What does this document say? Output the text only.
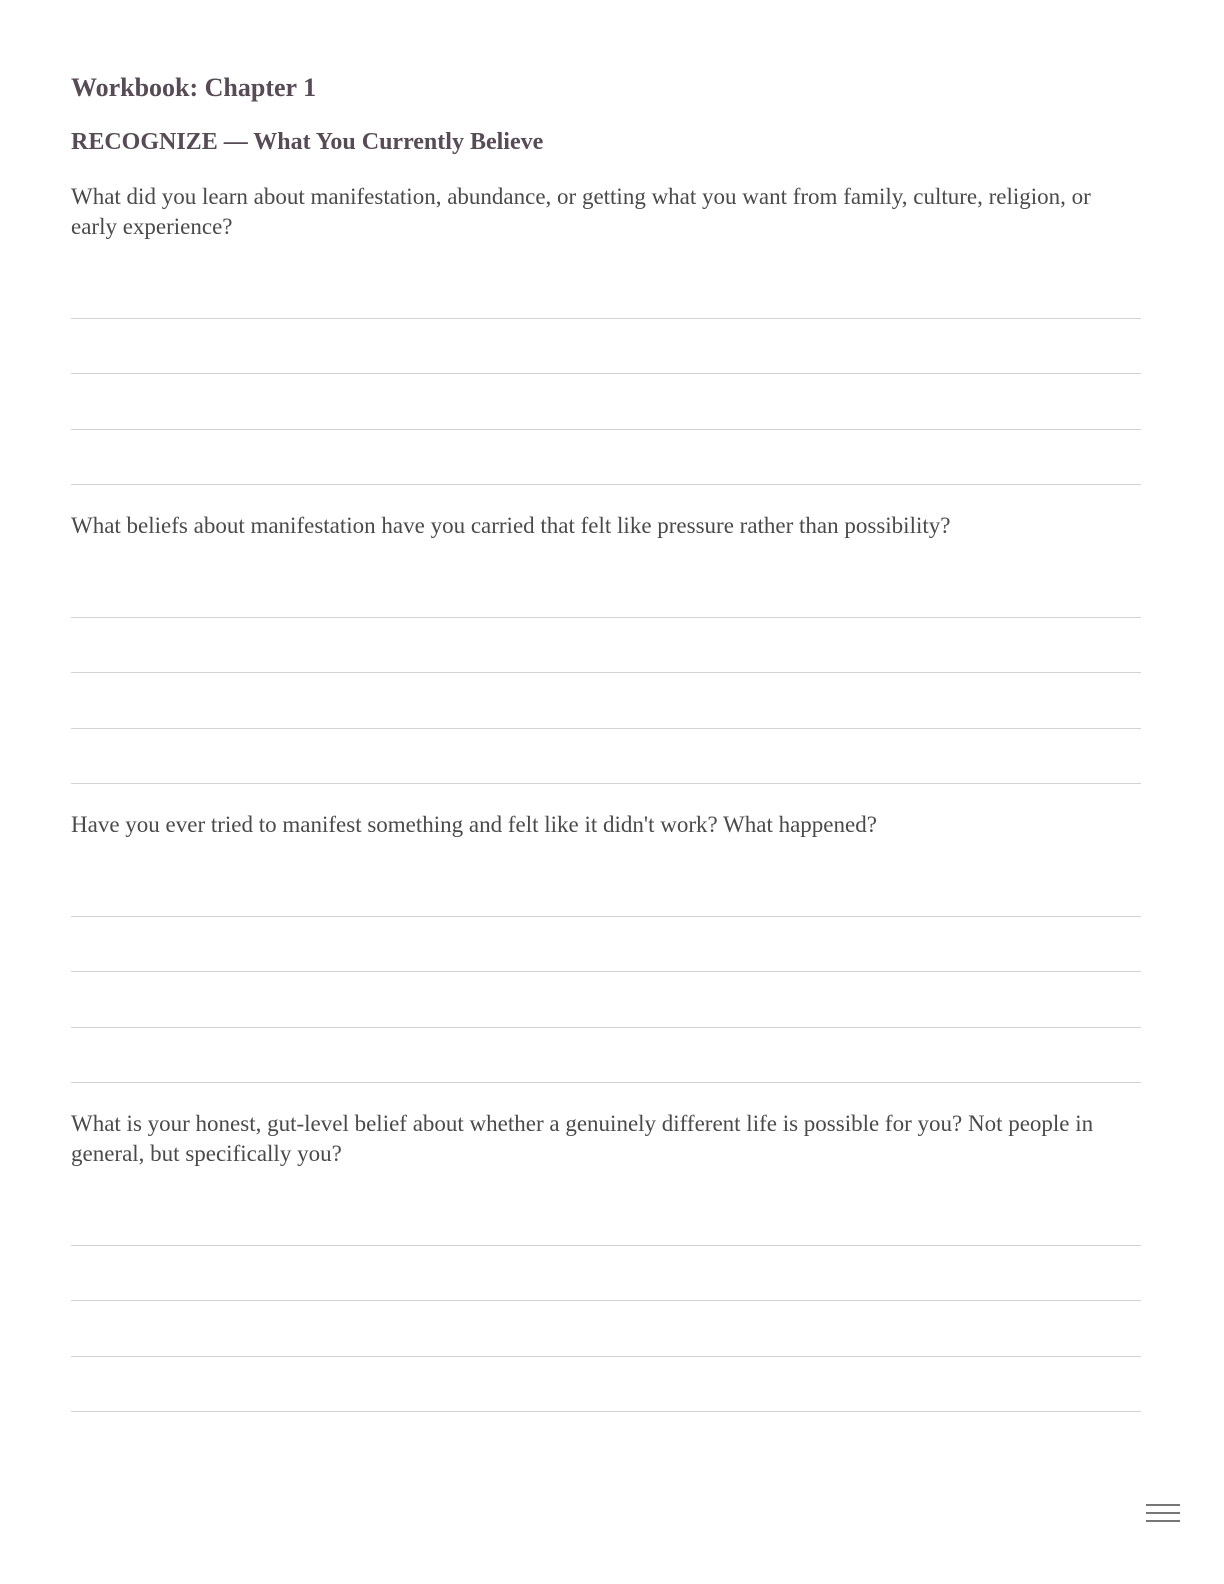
Workbook: Chapter 1
RECOGNIZE — What You Currently Believe

What did you learn about manifestation, abundance, or getting what you want from family, culture, religion, or early experience?

What beliefs about manifestation have you carried that felt like pressure rather than possibility?

Have you ever tried to manifest something and felt like it didn't work? What happened?

What is your honest, gut-level belief about whether a genuinely different life is possible for you? Not people in general, but specifically you?
